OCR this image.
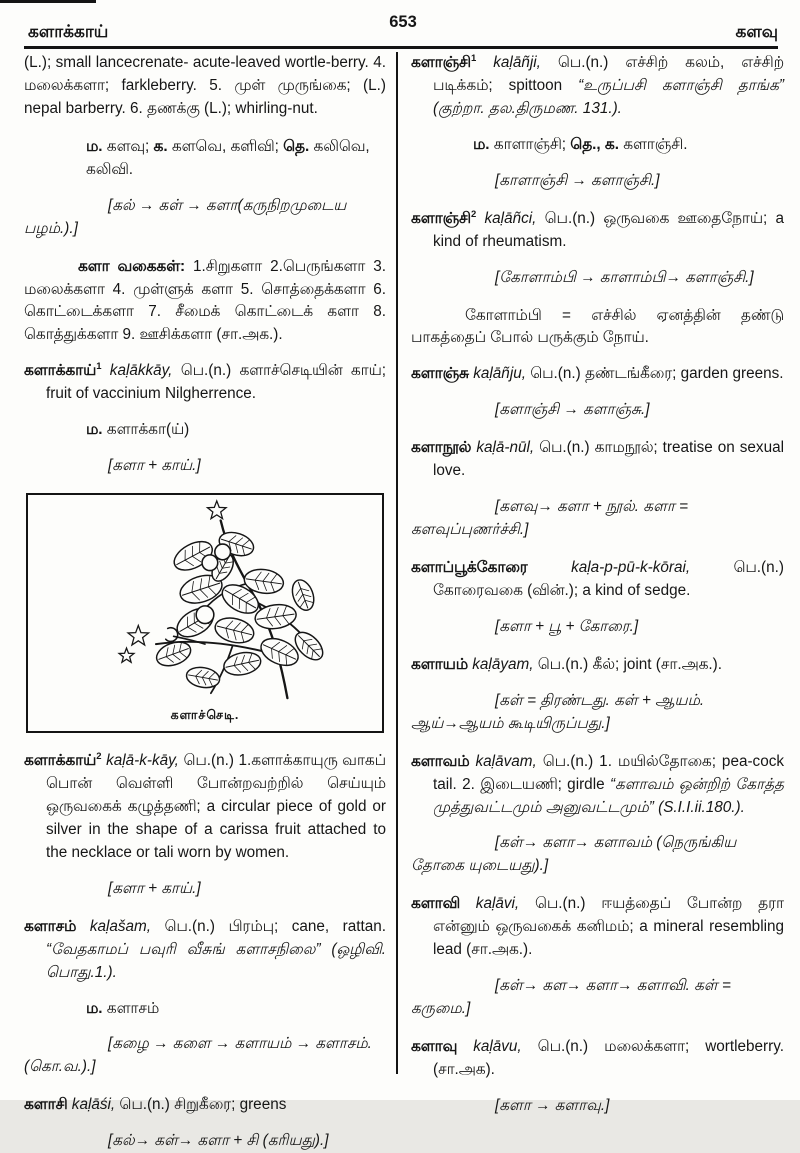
களாக்காய்	653	களவு
(L.); small lancecrenate- acute-leaved wortle-berry. 4. மலைக்களா; farkleberry. 5. முள் முருங்கை; (L.) nepal barberry. 6. தணக்கு (L.); whirling-nut.
ம. களவு; க. களவெ, களிவி; தெ. கலிவெ, கலிவி.
[கல் → கள் → களா(கருநிறமுடைய பழம்.).]
களா வகைகள்: 1.சிறுகளா 2.பெருங்களா 3. மலைக்களா 4. முள்ளுக் களா 5. சொத்தைக்களா 6. கொட்டைக்களா 7. சீமைக் கொட்டைக் களா 8. கொத்துக்களா 9. ஊசிக்களா (சா.அக.).
களாக்காய்$^1$ kaḷākkāy, பெ.(n.) களாச்செடியின் காய்; fruit of vaccinium Nilgherrence.
ம. களாக்கா(ய்)
[களா + காய்.]
களாச்செடி.
களாக்காய்$^2$ kaḷā-k-kāy, பெ.(n.) 1.களாக்காயுரு வாகப் பொன் வெள்ளி போன்றவற்றில் செய்யும் ஒருவகைக் கழுத்தணி; a circular piece of gold or silver in the shape of a carissa fruit attached to the necklace or tali worn by women.
[களா + காய்.]
களாசம் kaḷašam, பெ.(n.) பிரம்பு; cane, rattan. “வேதகாமப் பவுரி வீசுங் களாசநிலை” (ஒழிவி. பொது.1.).
ம. களாசம்
[கழை → களை → களாயம் → களாசம். (கொ.வ.).]
களாசி kaḷāśi, பெ.(n.) சிறுகீரை; greens
[கல்→ கள்→ களா + சி (கரியது).]
களாஞ்சி$^1$ kaḷāñji, பெ.(n.) எச்சிற் கலம், எச்சிற் படிக்கம்; spittoon “உருப்பசி களாஞ்சி தாங்க” (குற்றா. தல.திருமண. 131.).
ம. காளாஞ்சி; தெ., க. களாஞ்சி.
[காளாஞ்சி → களாஞ்சி.]
களாஞ்சி$^2$ kaḷāñci, பெ.(n.) ஒருவகை ஊதைநோய்; a kind of rheumatism.
[கோளாம்பி → காளாம்பி→ களாஞ்சி.]
கோளாம்பி = எச்சில் ஏனத்தின் தண்டு பாகத்தைப் போல் பருக்கும் நோய்.
களாஞ்சு kaḷāñju, பெ.(n.) தண்டங்கீரை; garden greens.
[களாஞ்சி → களாஞ்சு.]
களாநூல் kaḷā-nūl, பெ.(n.) காமநூல்; treatise on sexual love.
[களவு→ களா + நூல். களா = களவுப்புணர்ச்சி.]
களாப்பூக்கோரை kaḷa-p-pū-k-kōrai, பெ.(n.) கோரைவகை (வின்.); a kind of sedge.
[களா + பூ + கோரை.]
களாயம் kaḷāyam, பெ.(n.) கீல்; joint (சா.அக.).
[கள் = திரண்டது. கள் + ஆயம். ஆய்→ஆயம் கூடியிருப்பது.]
களாவம் kaḷāvam, பெ.(n.) 1. மயில்தோகை; pea-cock tail. 2. இடையணி; girdle “களாவம் ஒன்றிற் கோத்த முத்துவட்டமும் அனுவட்டமும்” (S.I.I.ii.180.).
[கள்→ களா→ களாவம் (நெருங்கிய தோகை யுடையது).]
களாவி kaḷāvi, பெ.(n.) ஈயத்தைப் போன்ற தரா என்னும் ஒருவகைக் கனிமம்; a mineral resembling lead (சா.அக.).
[கள்→ கள→ களா→ களாவி. கள் = கருமை.]
களாவு kaḷāvu, பெ.(n.) மலைக்களா; wortleberry. (சா.அக).
[களா → களாவு.]
